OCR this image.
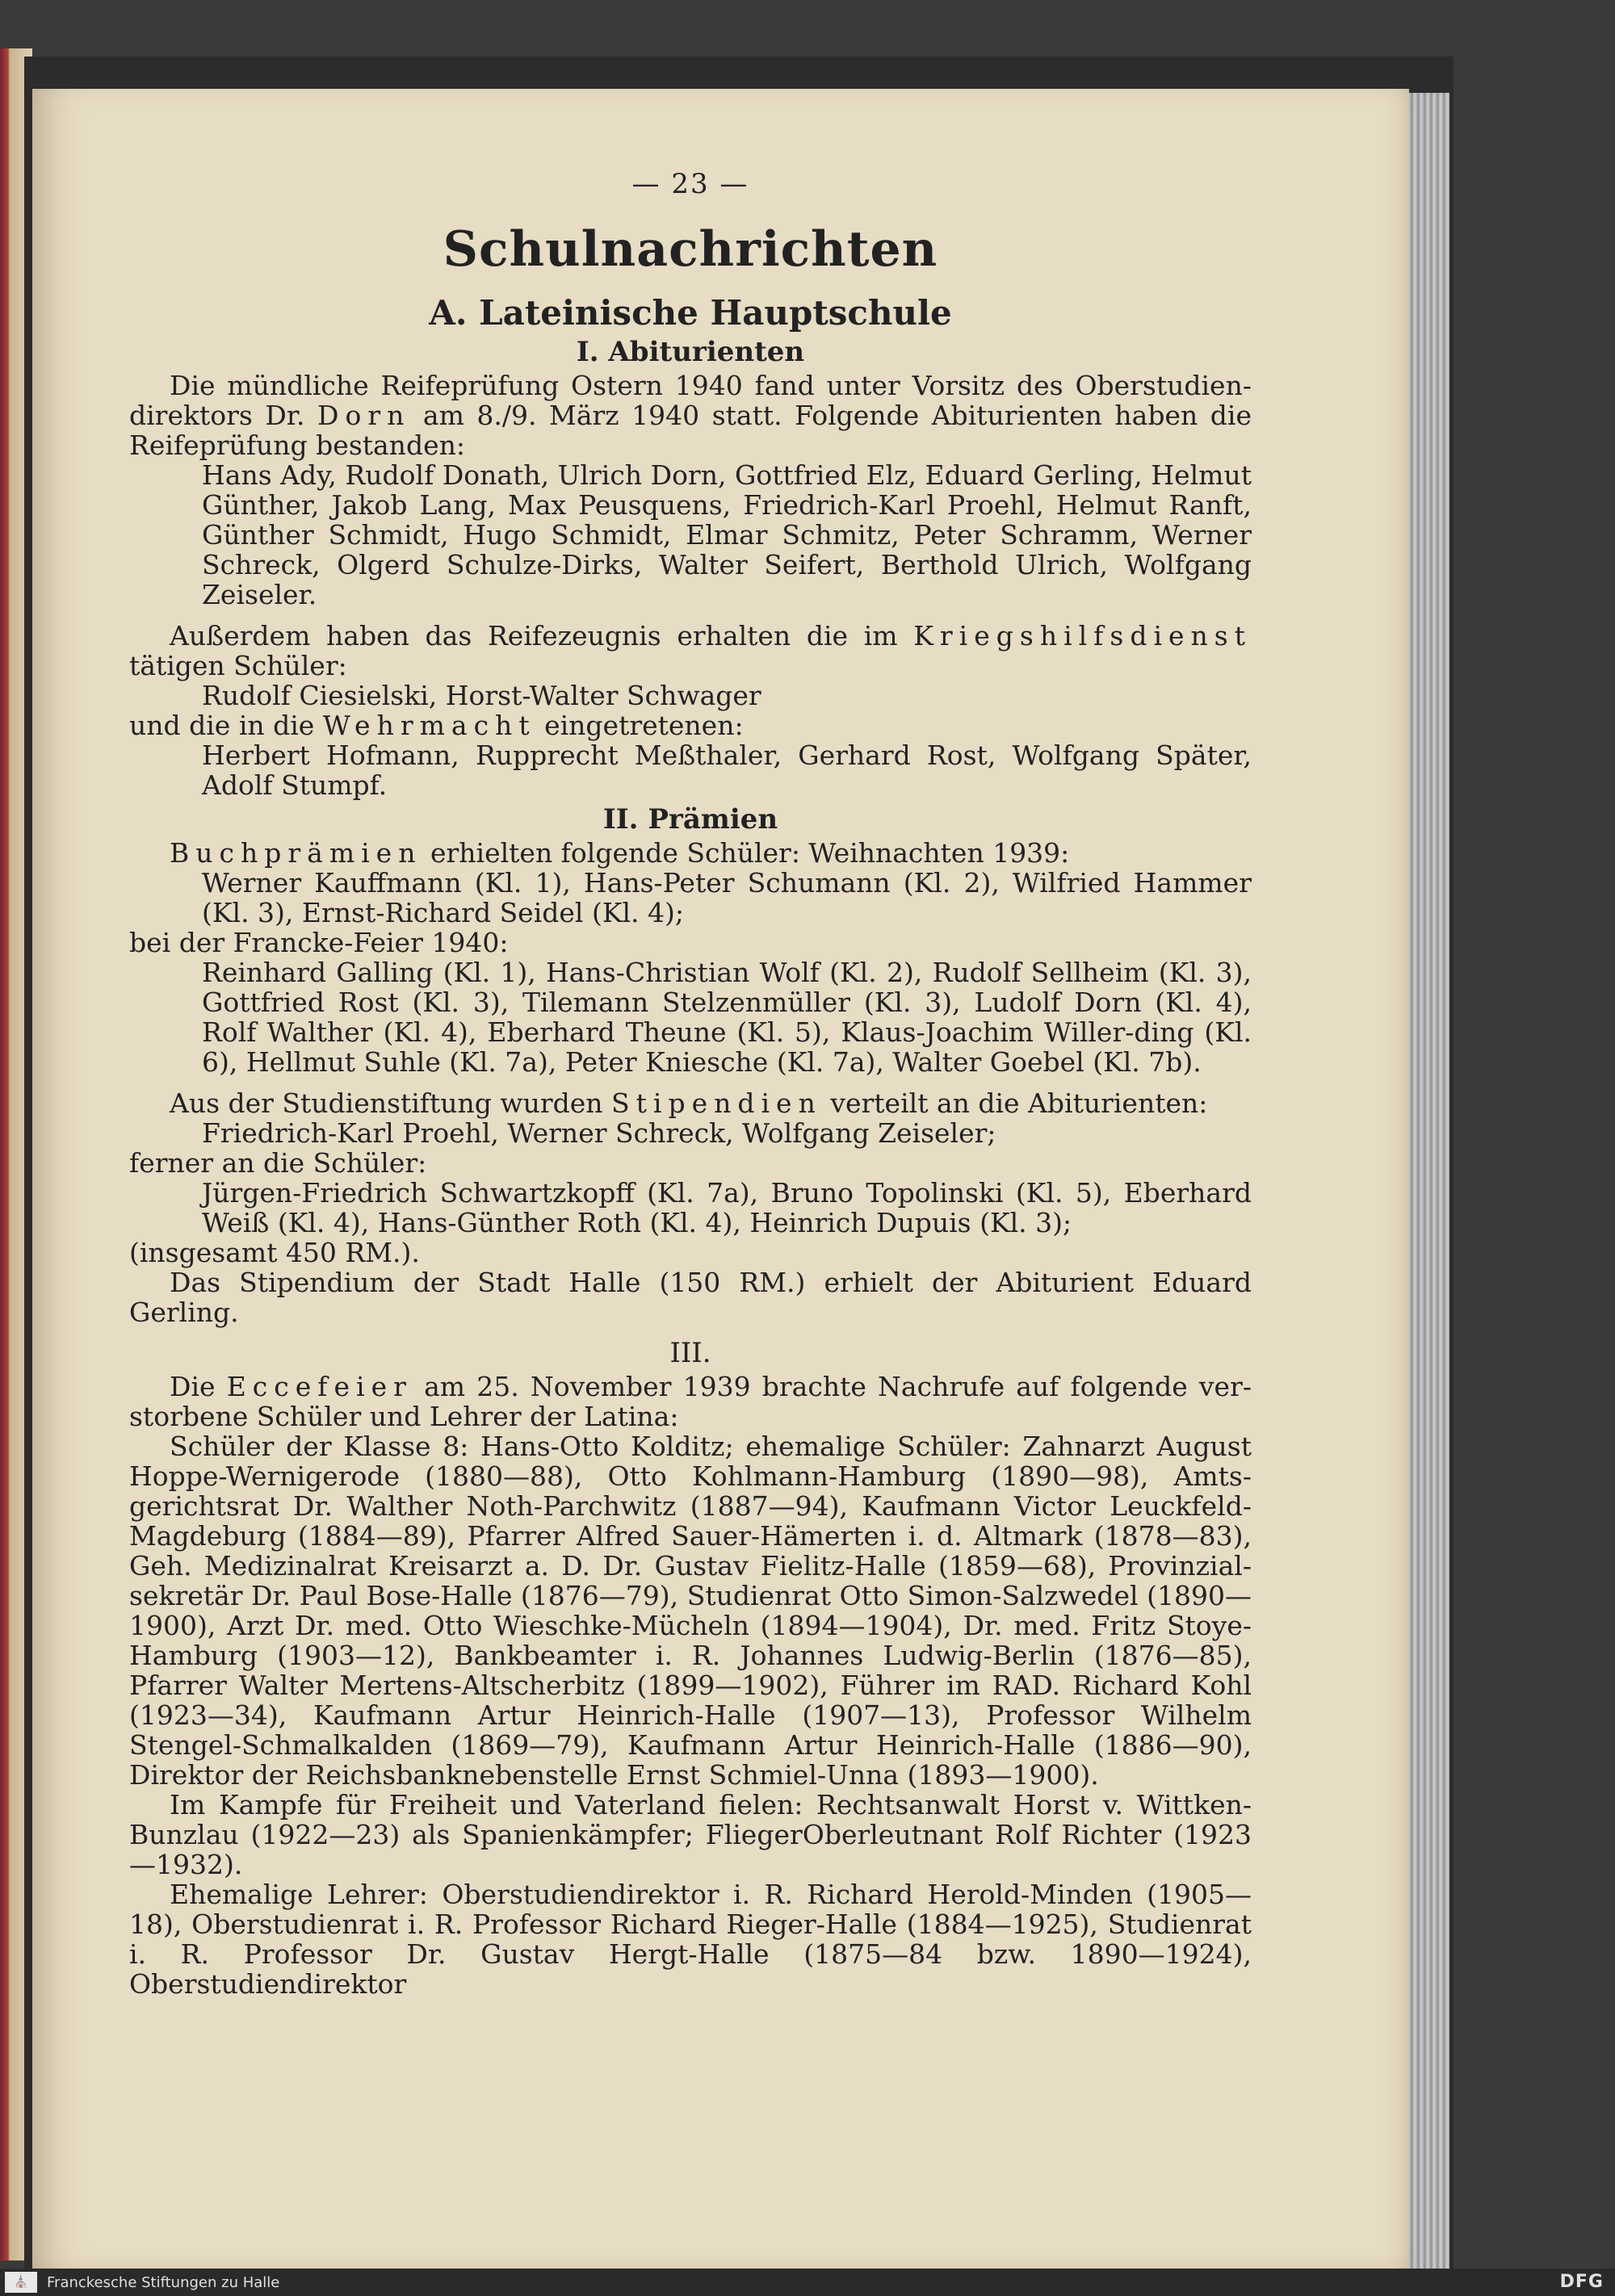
— 23 —
Schulnachrichten
A. Lateinische Hauptschule
I. Abiturienten

Die mündliche Reifeprüfung Ostern 1940 fand unter Vorsitz des Oberstudien-direktors Dr. Dorn am 8./9. März 1940 statt. Folgende Abiturienten haben die Reifeprüfung bestanden:

Hans Ady, Rudolf Donath, Ulrich Dorn, Gottfried Elz, Eduard Gerling, Helmut Günther, Jakob Lang, Max Peusquens, Friedrich-Karl Proehl, Helmut Ranft, Günther Schmidt, Hugo Schmidt, Elmar Schmitz, Peter Schramm, Werner Schreck, Olgerd Schulze-Dirks, Walter Seifert, Berthold Ulrich, Wolfgang Zeiseler.

Außerdem haben das Reifezeugnis erhalten die im Kriegshilfsdienst tätigen Schüler:

Rudolf Ciesielski, Horst-Walter Schwager

und die in die Wehrmacht eingetretenen:

Herbert Hofmann, Rupprecht Meßthaler, Gerhard Rost, Wolfgang Später, Adolf Stumpf.

II. Prämien

Buchprämien erhielten folgende Schüler: Weihnachten 1939:

Werner Kauffmann (Kl. 1), Hans-Peter Schumann (Kl. 2), Wilfried Hammer (Kl. 3), Ernst-Richard Seidel (Kl. 4);

bei der Francke-Feier 1940:

Reinhard Galling (Kl. 1), Hans-Christian Wolf (Kl. 2), Rudolf Sellheim (Kl. 3), Gottfried Rost (Kl. 3), Tilemann Stelzenmüller (Kl. 3), Ludolf Dorn (Kl. 4), Rolf Walther (Kl. 4), Eberhard Theune (Kl. 5), Klaus-Joachim Willer-ding (Kl. 6), Hellmut Suhle (Kl. 7a), Peter Kniesche (Kl. 7a), Walter Goebel (Kl. 7b).

Aus der Studienstiftung wurden Stipendien verteilt an die Abiturienten:

Friedrich-Karl Proehl, Werner Schreck, Wolfgang Zeiseler;

ferner an die Schüler:

Jürgen-Friedrich Schwartzkopff (Kl. 7a), Bruno Topolinski (Kl. 5), Eberhard Weiß (Kl. 4), Hans-Günther Roth (Kl. 4), Heinrich Dupuis (Kl. 3);

(insgesamt 450 RM.).

Das Stipendium der Stadt Halle (150 RM.) erhielt der Abiturient Eduard Gerling.

III.

Die Eccefeier am 25. November 1939 brachte Nachrufe auf folgende ver-storbene Schüler und Lehrer der Latina:

Schüler der Klasse 8: Hans-Otto Kolditz; ehemalige Schüler: Zahnarzt August Hoppe-Wernigerode (1880—88), Otto Kohlmann-Hamburg (1890—98), Amts-gerichtsrat Dr. Walther Noth-Parchwitz (1887—94), Kaufmann Victor Leuckfeld-Magdeburg (1884—89), Pfarrer Alfred Sauer-Hämerten i. d. Altmark (1878—83), Geh. Medizinalrat Kreisarzt a. D. Dr. Gustav Fielitz-Halle (1859—68), Provinzial-sekretär Dr. Paul Bose-Halle (1876—79), Studienrat Otto Simon-Salzwedel (1890—1900), Arzt Dr. med. Otto Wieschke-Mücheln (1894—1904), Dr. med. Fritz Stoye-Hamburg (1903—12), Bankbeamter i. R. Johannes Ludwig-Berlin (1876—85), Pfarrer Walter Mertens-Altscherbitz (1899—1902), Führer im RAD. Richard Kohl (1923—34), Kaufmann Artur Heinrich-Halle (1907—13), Professor Wilhelm Stengel-Schmalkalden (1869—79), Kaufmann Artur Heinrich-Halle (1886—90), Direktor der Reichsbanknebenstelle Ernst Schmiel-Unna (1893—1900).

Im Kampfe für Freiheit und Vaterland fielen: Rechtsanwalt Horst v. Wittken-Bunzlau (1922—23) als Spanienkämpfer; FliegerOberleutnant Rolf Richter (1923—1932).

Ehemalige Lehrer: Oberstudiendirektor i. R. Richard Herold-Minden (1905—18), Oberstudienrat i. R. Professor Richard Rieger-Halle (1884—1925), Studienrat i. R. Professor Dr. Gustav Hergt-Halle (1875—84 bzw. 1890—1924), Oberstudiendirektor

⛪	Franckesche Stiftungen zu Halle	DFG
